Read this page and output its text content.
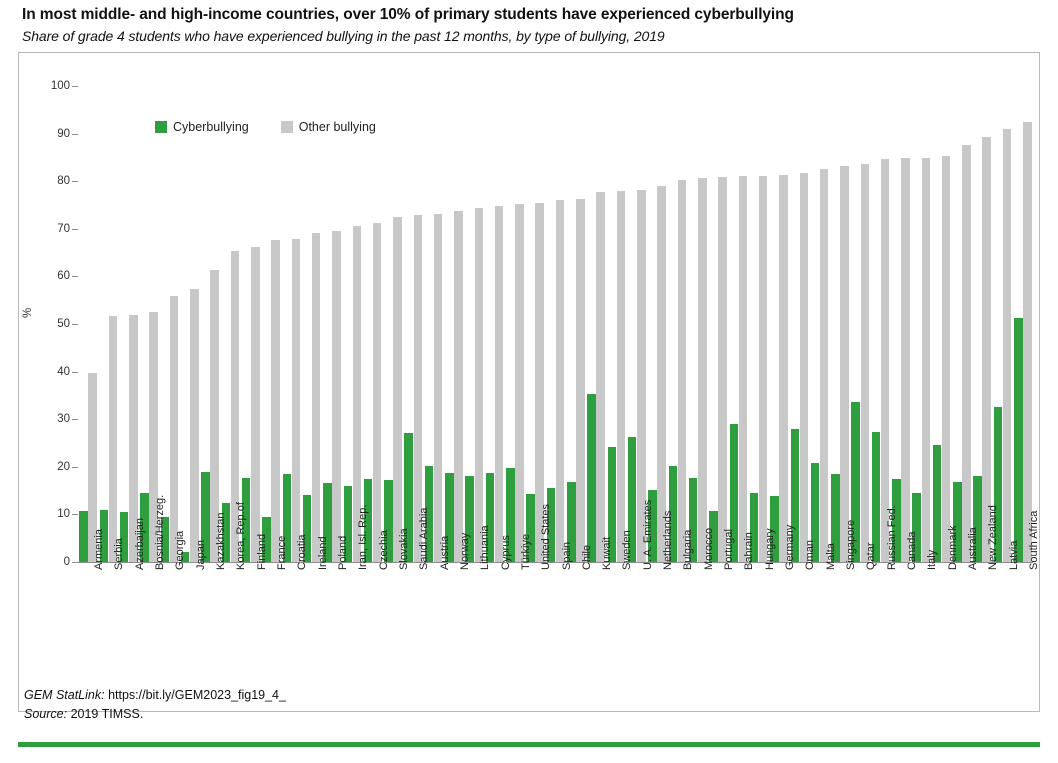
In most middle- and high-income countries, over 10% of primary students have experienced cyberbullying
Share of grade 4 students who have experienced bullying in the past 12 months, by type of bullying, 2019
%
0
10
20
30
40
50
60
70
80
90
100
Armenia Serbia Azerbaijan Bosnia/Herzeg. Georgia Japan Kazakhstan Korea, Rep.of Finland France Croatia Ireland Poland Iran, Isl. Rep. Czechia Slovakia Saudi Arabia Austria Norway Lithuania Cyprus Türkiye United States Spain Chile Kuwait Sweden U. A. Emirates Netherlands Bulgaria Morocco Portugal Bahrain Hungary Germany Oman Malta Singapore Qatar Russian Fed. Canada Italy Denmark Australia New Zealand Latvia South Africa
Cyberbullying	Other bullying
GEM StatLink: https://bit.ly/GEM2023_fig19_4_
Source: 2019 TIMSS.
